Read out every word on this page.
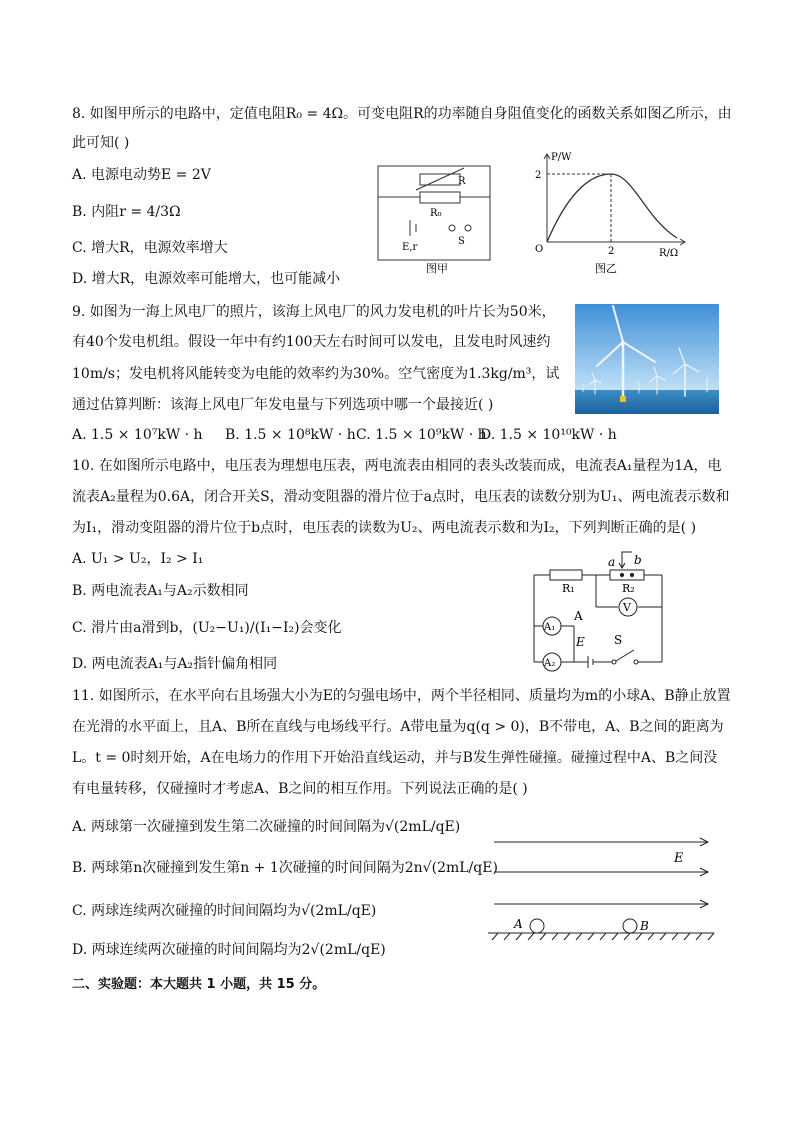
8. 如图甲所示的电路中，定值电阻R₀ = 4Ω。可变电阻R的功率随自身阻值变化的函数关系如图乙所示，由
此可知( )
A. 电源电动势E = 2V
B. 内阻r = 4/3Ω
C. 增大R，电源效率增大
D. 增大R，电源效率可能增大，也可能减小
R
R₀
E,r
S
图甲
P/W
2
O	2	R/Ω
图乙
9. 如图为一海上风电厂的照片，该海上风电厂的风力发电机的叶片长为50米，
有40个发电机组。假设一年中有约100天左右时间可以发电，且发电时风速约
10m/s；发电机将风能转变为电能的效率约为30%。空气密度为1.3kg/m³，试
通过估算判断：该海上风电厂年发电量与下列选项中哪一个最接近( )
A. 1.5 × 10⁷kW · h B. 1.5 × 10⁸kW · h C. 1.5 × 10⁹kW · h
D. 1.5 × 10¹⁰kW · h
10. 在如图所示电路中，电压表为理想电压表，两电流表由相同的表头改装而成，电流表A₁量程为1A，电
流表A₂量程为0.6A，闭合开关S，滑动变阻器的滑片位于a点时，电压表的读数分别为U₁、两电流表示数和
为I₁，滑动变阻器的滑片位于b点时，电压表的读数为U₂、两电流表示数和为I₂，下列判断正确的是( )
A. U₁ > U₂，I₂ > I₁
B. 两电流表A₁与A₂示数相同
C. 滑片由a滑到b，(U₂−U₁)/(I₁−I₂)会变化
D. 两电流表A₁与A₂指针偏角相同
a b
R₁	R₂
V
A₁
A₂
A
E S
11. 如图所示，在水平向右且场强大小为E的匀强电场中，两个半径相同、质量均为m的小球A、B静止放置
在光滑的水平面上，且A、B所在直线与电场线平行。A带电量为q(q > 0)，B不带电，A、B之间的距离为
L。t = 0时刻开始，A在电场力的作用下开始沿直线运动，并与B发生弹性碰撞。碰撞过程中A、B之间没
有电量转移，仅碰撞时才考虑A、B之间的相互作用。下列说法正确的是( )
A. 两球第一次碰撞到发生第二次碰撞的时间间隔为√(2mL/qE)
B. 两球第n次碰撞到发生第n + 1次碰撞的时间间隔为2n√(2mL/qE)
C. 两球连续两次碰撞的时间间隔均为√(2mL/qE)
D. 两球连续两次碰撞的时间间隔均为2√(2mL/qE)
E
A	B
二、实验题：本大题共 1 小题，共 15 分。
